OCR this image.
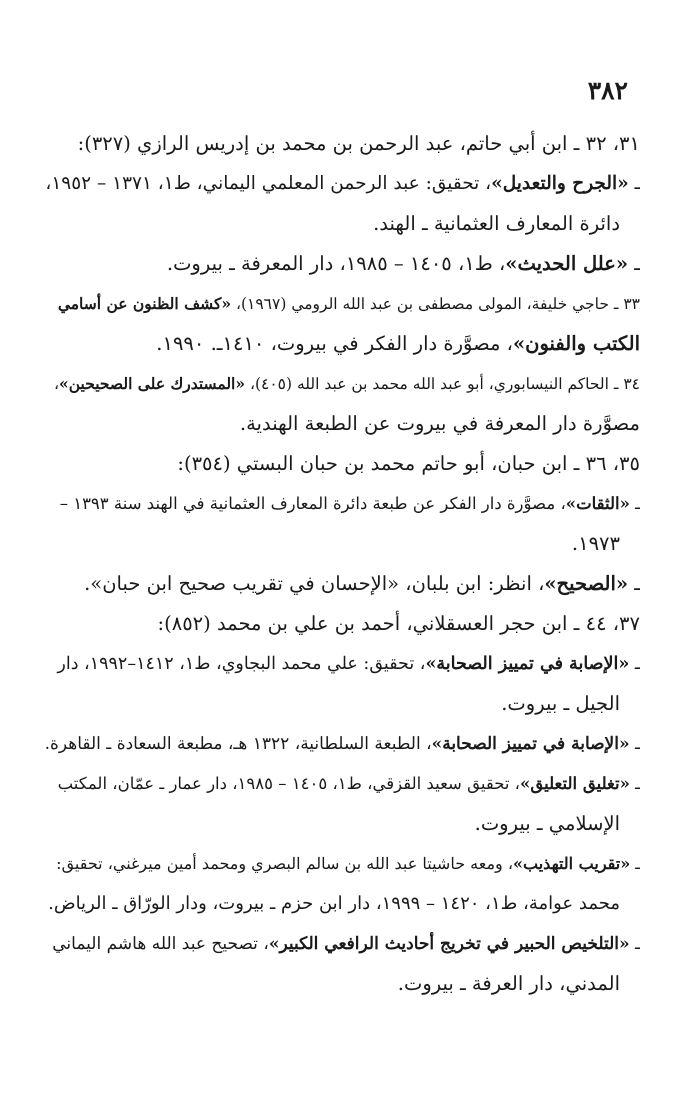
٣٨٢
٣١، ٣٢ ـ ابن أبي حاتم، عبد الرحمن بن محمد بن إدريس الرازي (٣٢٧):
ـ «الجرح والتعديل»، تحقيق: عبد الرحمن المعلمي اليماني، ط١، ١٣٧١ – ١٩٥٢،
دائرة المعارف العثمانية ـ الهند.
ـ «علل الحديث»، ط١، ١٤٠٥ – ١٩٨٥، دار المعرفة ـ بيروت.
٣٣ ـ حاجي خليفة، المولى مصطفى بن عبد الله الرومي (١٩٦٧)، «كشف الظنون عن أسامي
الكتب والفنون»، مصوَّرة دار الفكر في بيروت، ١٤١٠ـ. ١٩٩٠.
٣٤ ـ الحاكم النيسابوري، أبو عبد الله محمد بن عبد الله (٤٠٥)، «المستدرك على الصحيحين»،
مصوَّرة دار المعرفة في بيروت عن الطبعة الهندية.
٣٥، ٣٦ ـ ابن حبان، أبو حاتم محمد بن حبان البستي (٣٥٤):
ـ «الثقات»، مصوَّرة دار الفكر عن طبعة دائرة المعارف العثمانية في الهند سنة ١٣٩٣ –
١٩٧٣.
ـ «الصحيح»، انظر: ابن بلبان، «الإحسان في تقريب صحيح ابن حبان».
٣٧، ٤٤ ـ ابن حجر العسقلاني، أحمد بن علي بن محمد (٨٥٢):
ـ «الإصابة في تمييز الصحابة»، تحقيق: علي محمد البجاوي، ط١، ١٤١٢–١٩٩٢، دار
الجيل ـ بيروت.
ـ «الإصابة في تمييز الصحابة»، الطبعة السلطانية، ١٣٢٢ هـ، مطبعة السعادة ـ القاهرة.
ـ «تغليق التعليق»، تحقيق سعيد القزقي، ط١، ١٤٠٥ – ١٩٨٥، دار عمار ـ عمّان، المكتب
الإسلامي ـ بيروت.
ـ «تقريب التهذيب»، ومعه حاشيتا عبد الله بن سالم البصري ومحمد أمين ميرغني، تحقيق:
محمد عوامة، ط١، ١٤٢٠ – ١٩٩٩، دار ابن حزم ـ بيروت، ودار الورّاق ـ الرياض.
ـ «التلخيص الحبير في تخريج أحاديث الرافعي الكبير»، تصحيح عبد الله هاشم اليماني
المدني، دار العرفة ـ بيروت.
